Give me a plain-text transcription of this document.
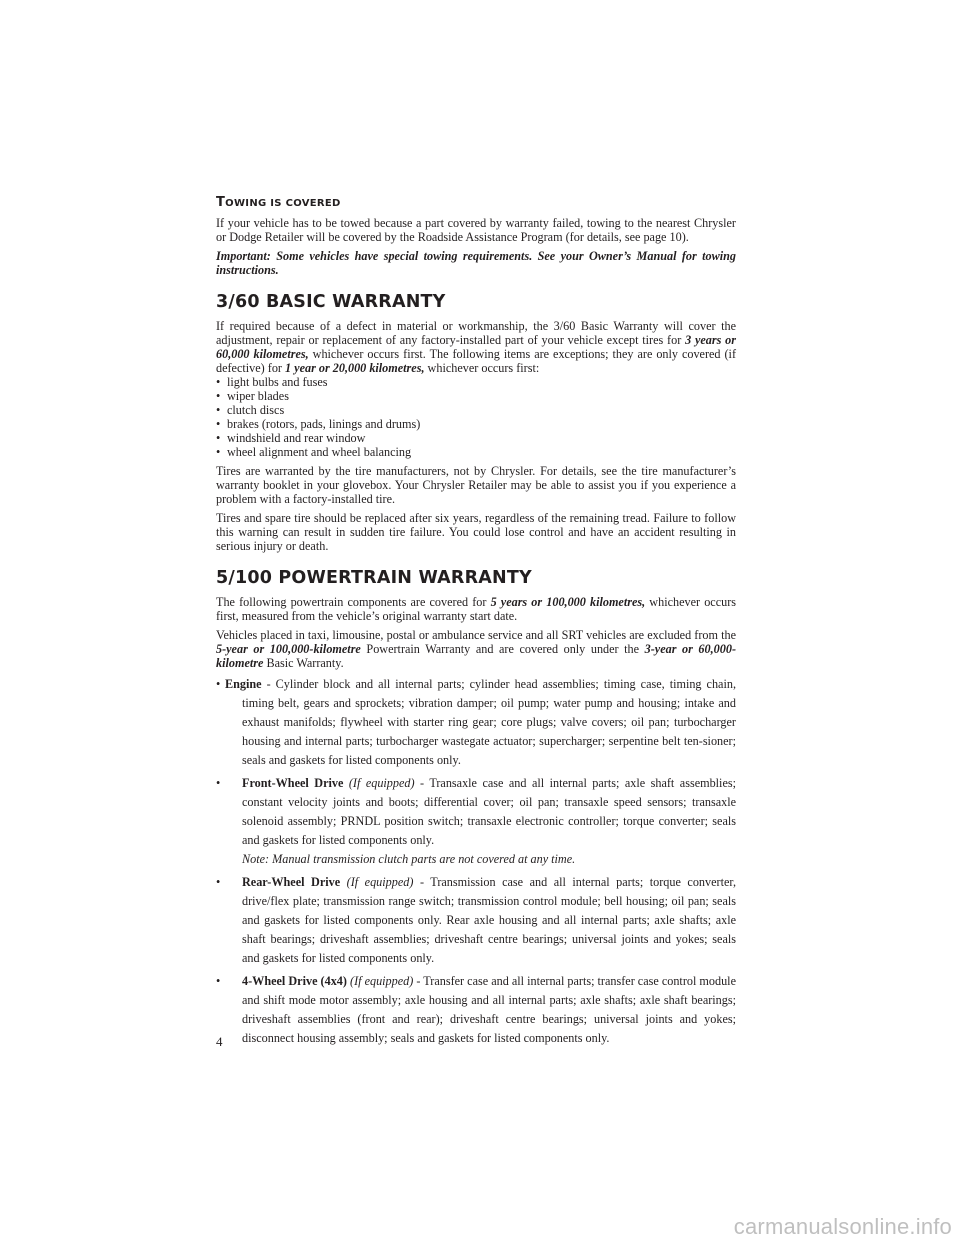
TOWING IS COVERED

If your vehicle has to be towed because a part covered by warranty failed, towing to the nearest Chrysler or Dodge Retailer will be covered by the Roadside Assistance Program (for details, see page 10).

Important: Some vehicles have special towing requirements. See your Owner’s Manual for towing instructions.

3/60 BASIC WARRANTY

If required because of a defect in material or workmanship, the 3/60 Basic Warranty will cover the adjustment, repair or replacement of any factory-installed part of your vehicle except tires for 3 years or 60,000 kilometres, whichever occurs first. The following items are exceptions; they are only covered (if defective) for 1 year or 20,000 kilometres, whichever occurs first:

• light bulbs and fuses
• wiper blades
• clutch discs
• brakes (rotors, pads, linings and drums)
• windshield and rear window
• wheel alignment and wheel balancing

Tires are warranted by the tire manufacturers, not by Chrysler. For details, see the tire manufacturer’s warranty booklet in your glovebox. Your Chrysler Retailer may be able to assist you if you experience a problem with a factory-installed tire.

Tires and spare tire should be replaced after six years, regardless of the remaining tread. Failure to follow this warning can result in sudden tire failure. You could lose control and have an accident resulting in serious injury or death.

5/100 POWERTRAIN WARRANTY

The following powertrain components are covered for 5 years or 100,000 kilometres, whichever occurs first, measured from the vehicle’s original warranty start date.

Vehicles placed in taxi, limousine, postal or ambulance service and all SRT vehicles are excluded from the 5-year or 100,000-kilometre Powertrain Warranty and are covered only under the 3-year or 60,000-kilometre Basic Warranty.

• Engine - Cylinder block and all internal parts; cylinder head assemblies; timing case, timing chain, timing belt, gears and sprockets; vibration damper; oil pump; water pump and housing; intake and exhaust manifolds; flywheel with starter ring gear; core plugs; valve covers; oil pan; turbocharger housing and internal parts; turbocharger wastegate actuator; supercharger; serpentine belt ten-sioner; seals and gaskets for listed components only.
• Front-Wheel Drive (If equipped) - Transaxle case and all internal parts; axle shaft assemblies; constant velocity joints and boots; differential cover; oil pan; transaxle speed sensors; transaxle solenoid assembly; PRNDL position switch; transaxle electronic controller; torque converter; seals and gaskets for listed components only.
Note: Manual transmission clutch parts are not covered at any time.
• Rear-Wheel Drive (If equipped) - Transmission case and all internal parts; torque converter, drive/flex plate; transmission range switch; transmission control module; bell housing; oil pan; seals and gaskets for listed components only. Rear axle housing and all internal parts; axle shafts; axle shaft bearings; driveshaft assemblies; driveshaft centre bearings; universal joints and yokes; seals and gaskets for listed components only.
• 4-Wheel Drive (4x4) (If equipped) - Transfer case and all internal parts; transfer case control module and shift mode motor assembly; axle housing and all internal parts; axle shafts; axle shaft bearings; driveshaft assemblies (front and rear); driveshaft centre bearings; universal joints and yokes; disconnect housing assembly; seals and gaskets for listed components only.
4
carmanualsonline.info
